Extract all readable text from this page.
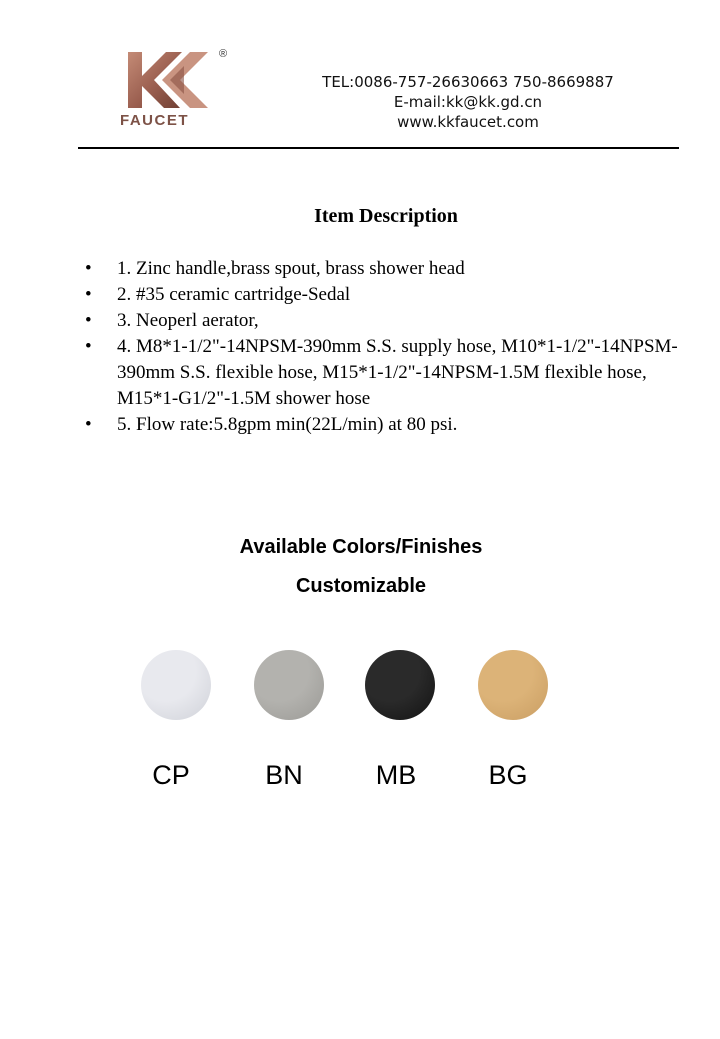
FAUCET
®
TEL:0086-757-26630663 750-8669887
E-mail:kk@kk.gd.cn
www.kkfaucet.com
Item Description
• 1. Zinc handle,brass spout, brass shower head
• 2. #35 ceramic cartridge-Sedal
• 3. Neoperl aerator,
• 4. M8*1-1/2"-14NPSM-390mm S.S. supply hose, M10*1-1/2"-14NPSM-390mm S.S. flexible hose, M15*1-1/2"-14NPSM-1.5M flexible hose, M15*1-G1/2"-1.5M shower hose
• 5. Flow rate:5.8gpm min(22L/min) at 80 psi.
Available Colors/Finishes
Customizable
CP	BN	MB	BG
